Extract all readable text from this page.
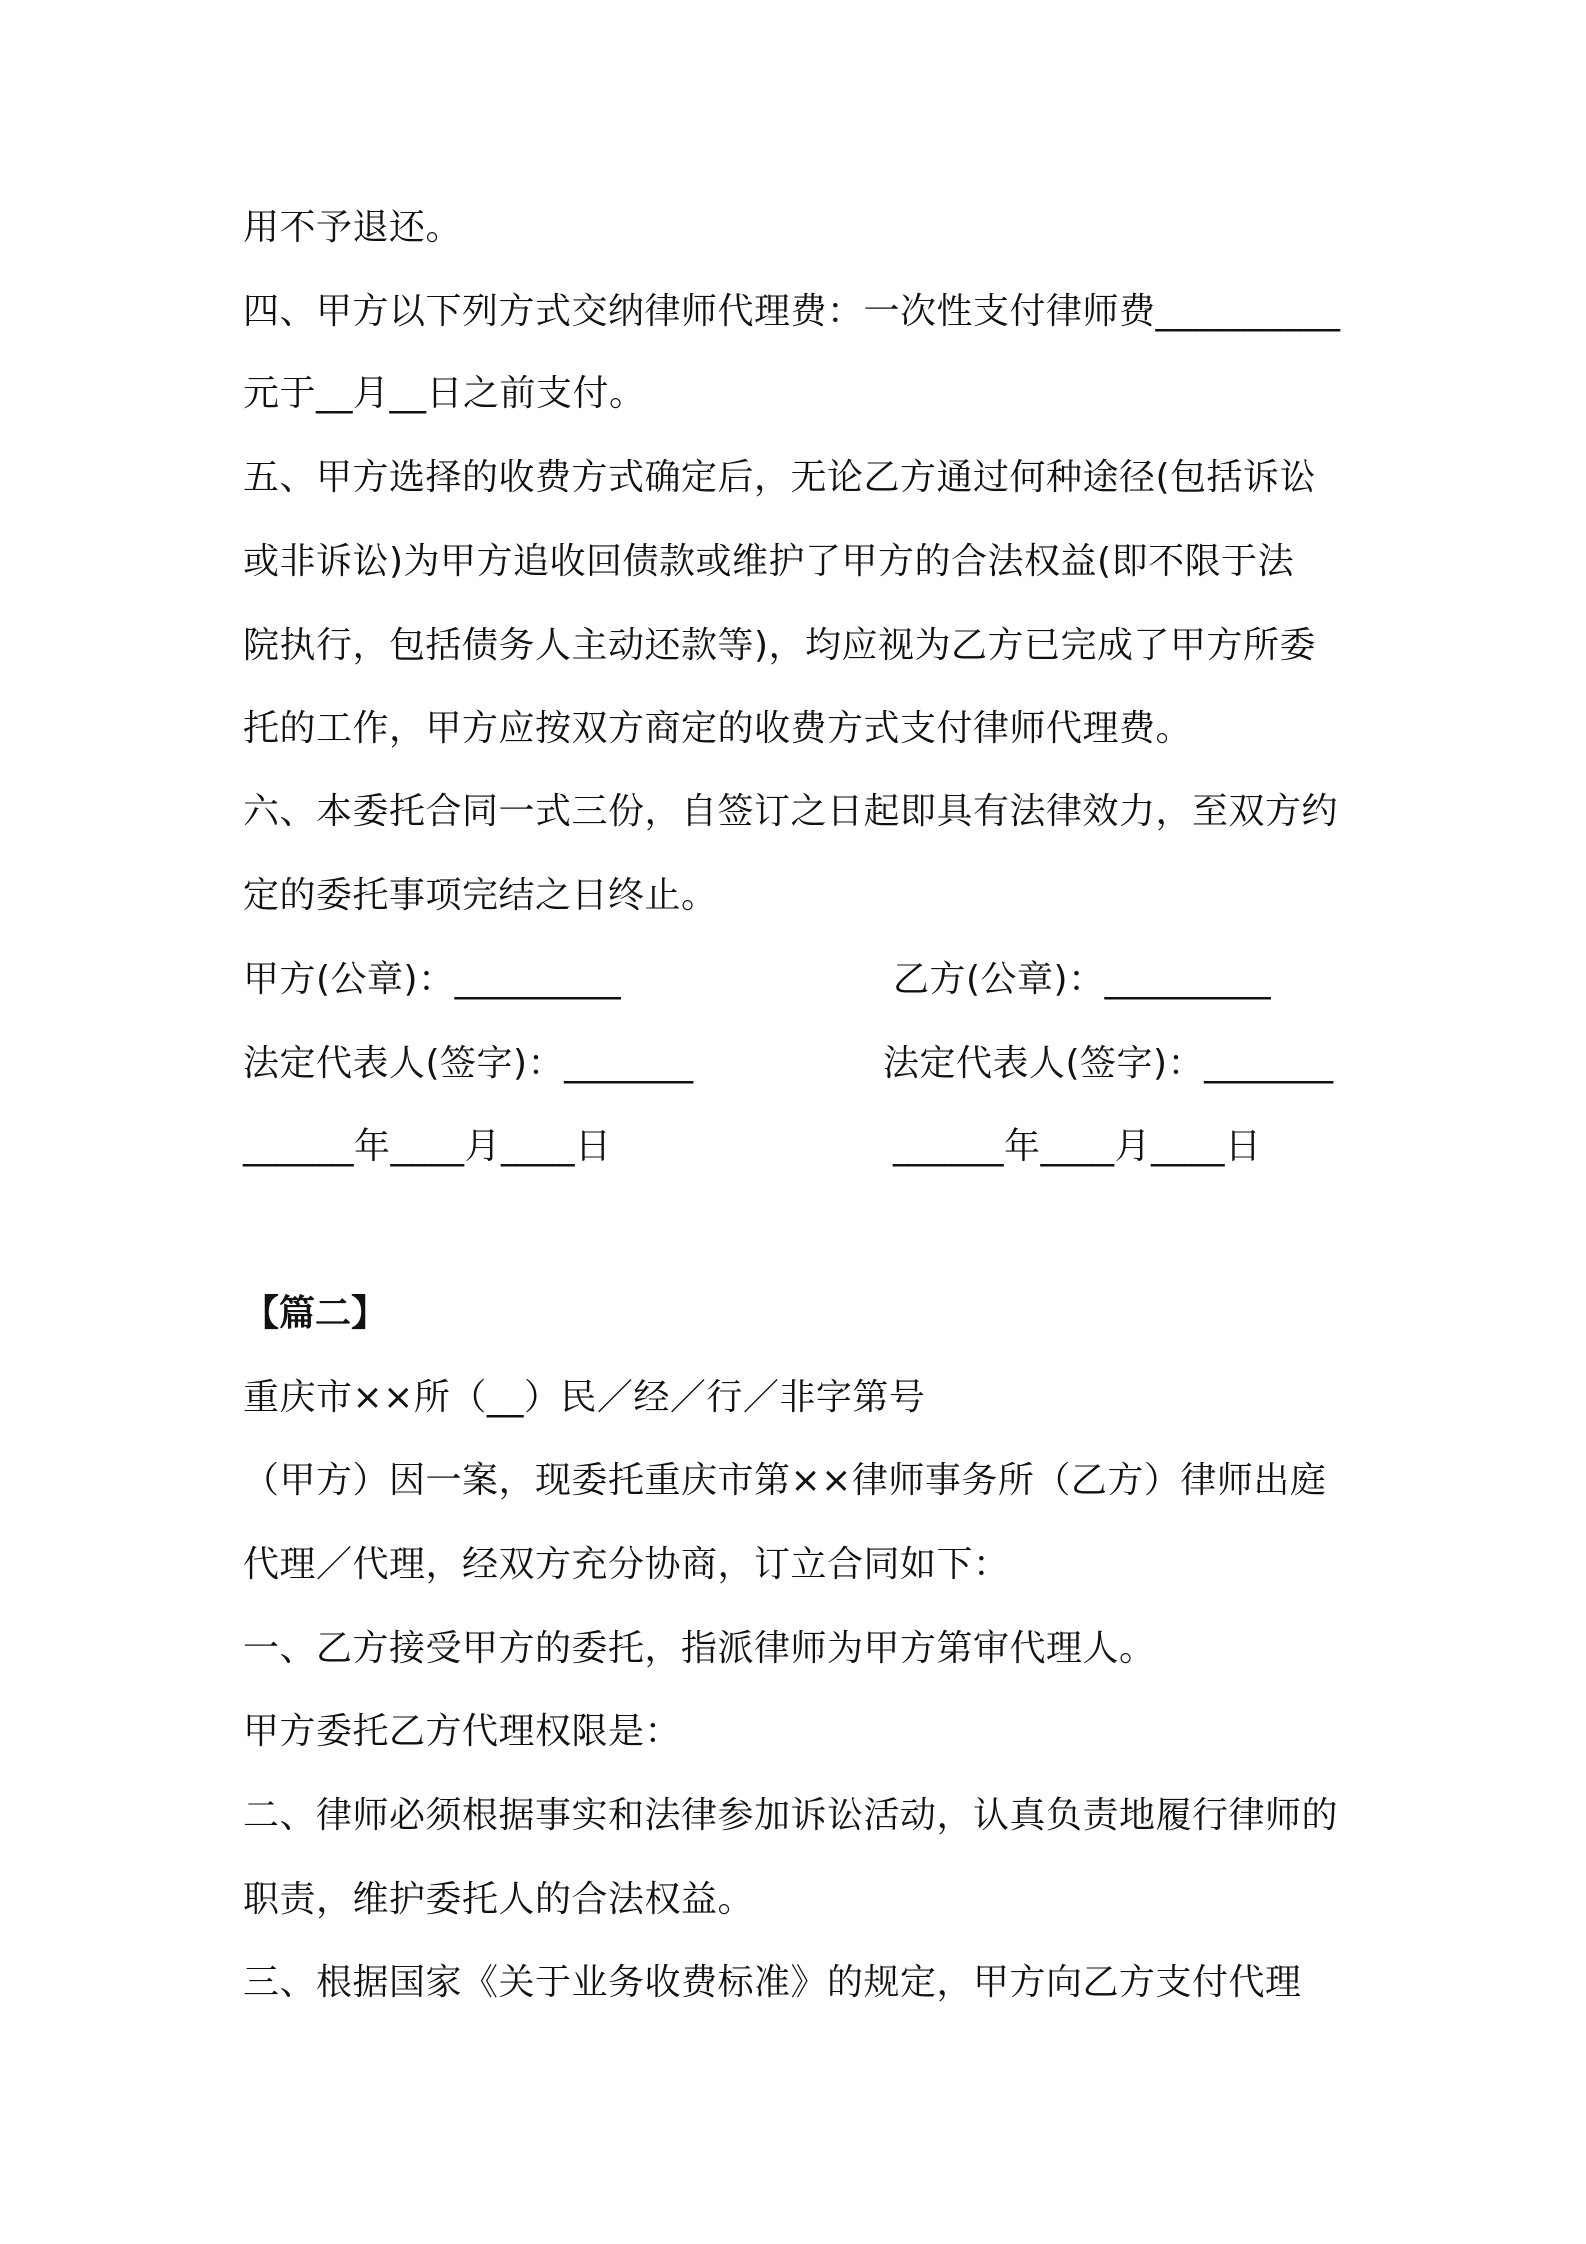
用不予退还。
四、甲方以下列方式交纳律师代理费：一次性支付律师费__________
元于__月__日之前支付。
五、甲方选择的收费方式确定后，无论乙方通过何种途径(包括诉讼
或非诉讼)为甲方追收回债款或维护了甲方的合法权益(即不限于法
院执行，包括债务人主动还款等)，均应视为乙方已完成了甲方所委
托的工作，甲方应按双方商定的收费方式支付律师代理费。
六、本委托合同一式三份，自签订之日起即具有法律效力，至双方约
定的委托事项完结之日终止。
甲方(公章)：_________	乙方(公章)：_________
法定代表人(签字)：_______	法定代表人(签字)：_______
______年____月____日	______年____月____日
【篇二】
重庆市××所（__）民／经／行／非字第号
（甲方）因一案，现委托重庆市第××律师事务所（乙方）律师出庭
代理／代理，经双方充分协商，订立合同如下：
一、乙方接受甲方的委托，指派律师为甲方第审代理人。
甲方委托乙方代理权限是：
二、律师必须根据事实和法律参加诉讼活动，认真负责地履行律师的
职责，维护委托人的合法权益。
三、根据国家《关于业务收费标准》的规定，甲方向乙方支付代理
